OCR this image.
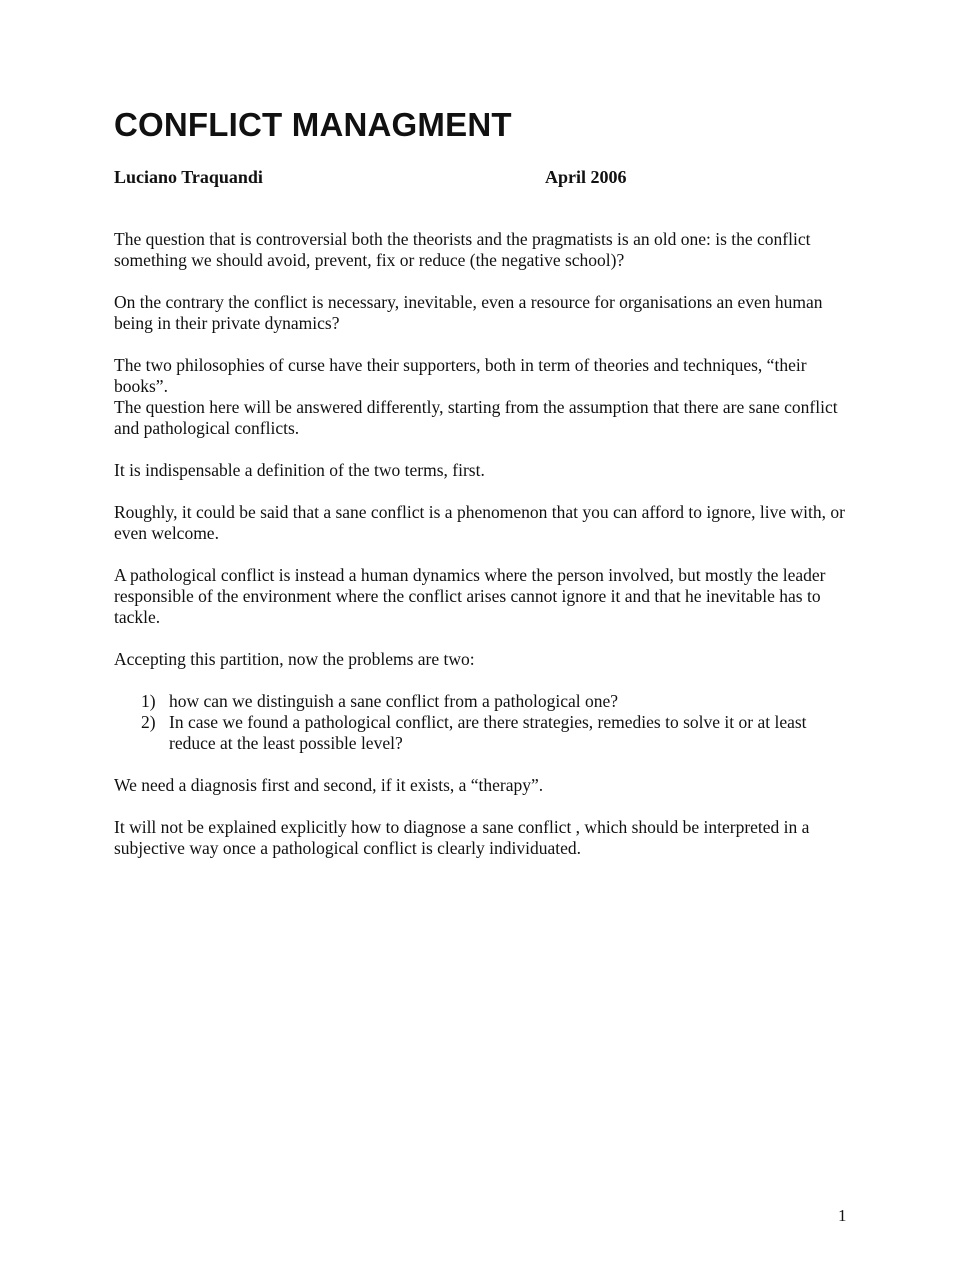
CONFLICT MANAGMENT
Luciano Traquandi	April 2006

The question that is controversial both the theorists and the pragmatists is an old one: is the conflict something we should avoid, prevent, fix or reduce (the negative school)?

On the contrary the conflict is necessary, inevitable, even a resource for organisations an even human being in their private dynamics?

The two philosophies of curse have their supporters, both in term of theories and techniques, “their books”.

The question here will be answered differently, starting from the assumption that there are sane conflict and pathological conflicts.

It is indispensable a definition of the two terms, first.

Roughly, it could be said that a sane conflict is a phenomenon that you can afford to ignore, live with, or even welcome.

A pathological conflict is instead a human dynamics where the person involved, but mostly the leader responsible of the environment where the conflict arises cannot ignore it and that he inevitable has to tackle.

Accepting this partition, now the problems are two:

1) how can we distinguish a sane conflict from a pathological one?
2) In case we found a pathological conflict, are there strategies, remedies to solve it or at least reduce at the least possible level?

We need a diagnosis first and second, if it exists, a “therapy”.

It will not be explained explicitly how to diagnose a sane conflict , which should be interpreted in a subjective way once a pathological conflict is clearly individuated.

1
